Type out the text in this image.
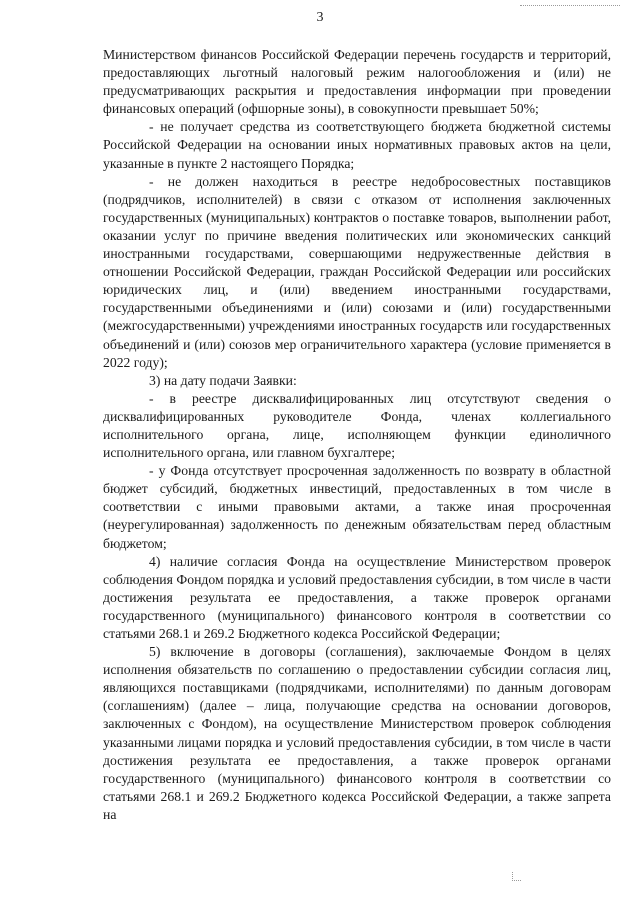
3

Министерством финансов Российской Федерации перечень государств и территорий, предоставляющих льготный налоговый режим налогообложения и (или) не предусматривающих раскрытия и предоставления информации при проведении финансовых операций (офшорные зоны), в совокупности превышает 50%;

- не получает средства из соответствующего бюджета бюджетной системы Российской Федерации на основании иных нормативных правовых актов на цели, указанные в пункте 2 настоящего Порядка;

- не должен находиться в реестре недобросовестных поставщиков (подрядчиков, исполнителей) в связи с отказом от исполнения заключенных государственных (муниципальных) контрактов о поставке товаров, выполнении работ, оказании услуг по причине введения политических или экономических санкций иностранными государствами, совершающими недружественные действия в отношении Российской Федерации, граждан Российской Федерации или российских юридических лиц, и (или) введением иностранными государствами, государственными объединениями и (или) союзами и (или) государственными (межгосударственными) учреждениями иностранных государств или государственных объединений и (или) союзов мер ограничительного характера (условие применяется в 2022 году);

3) на дату подачи Заявки:

- в реестре дисквалифицированных лиц отсутствуют сведения о дисквалифицированных руководителе Фонда, членах коллегиального исполнительного органа, лице, исполняющем функции единоличного исполнительного органа, или главном бухгалтере;

- у Фонда отсутствует просроченная задолженность по возврату в областной бюджет субсидий, бюджетных инвестиций, предоставленных в том числе в соответствии с иными правовыми актами, а также иная просроченная (неурегулированная) задолженность по денежным обязательствам перед областным бюджетом;

4) наличие согласия Фонда на осуществление Министерством проверок соблюдения Фондом порядка и условий предоставления субсидии, в том числе в части достижения результата ее предоставления, а также проверок органами государственного (муниципального) финансового контроля в соответствии со статьями 268.1 и 269.2 Бюджетного кодекса Российской Федерации;

5) включение в договоры (соглашения), заключаемые Фондом в целях исполнения обязательств по соглашению о предоставлении субсидии согласия лиц, являющихся поставщиками (подрядчиками, исполнителями) по данным договорам (соглашениям) (далее – лица, получающие средства на основании договоров, заключенных с Фондом), на осуществление Министерством проверок соблюдения указанными лицами порядка и условий предоставления субсидии, в том числе в части достижения результата ее предоставления, а также проверок органами государственного (муниципального) финансового контроля в соответствии со статьями 268.1 и 269.2 Бюджетного кодекса Российской Федерации, а также запрета на
